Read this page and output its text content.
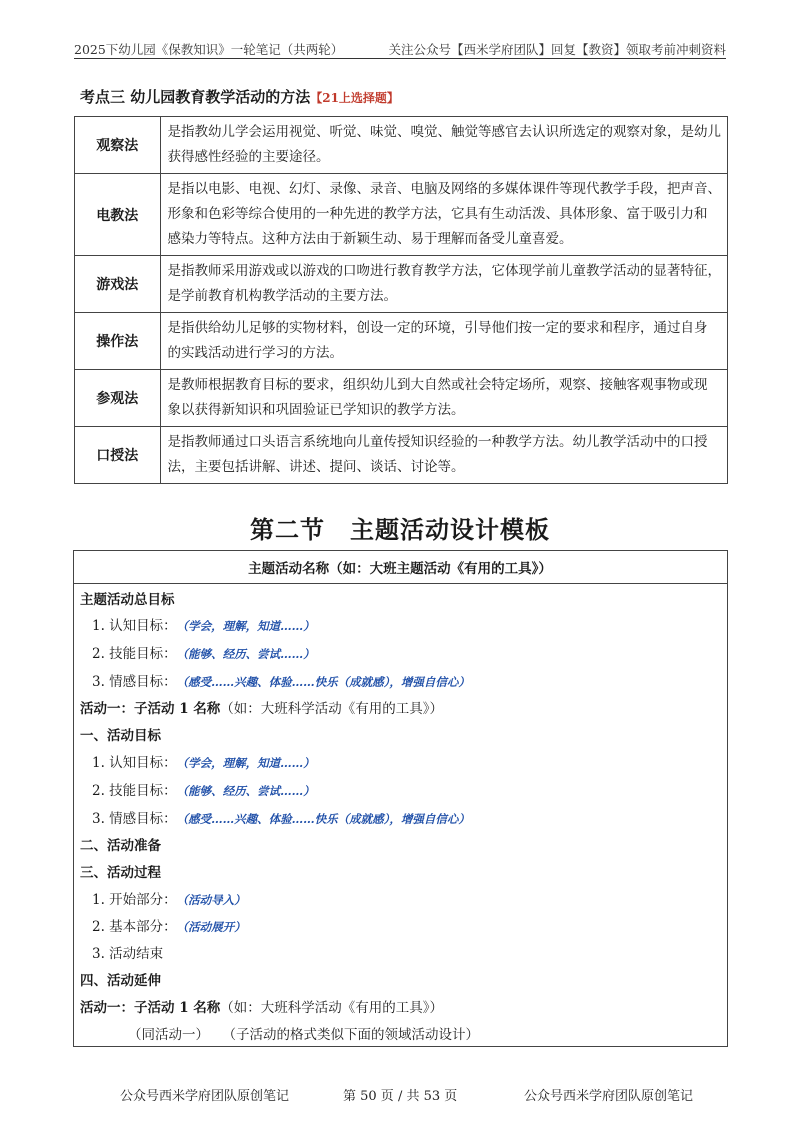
2025下幼儿园《保教知识》一轮笔记（共两轮）	关注公众号【西米学府团队】回复【教资】领取考前冲刺资料
考点三 幼儿园教育教学活动的方法【21上选择题】
观察法	是指教幼儿学会运用视觉、听觉、味觉、嗅觉、触觉等感官去认识所选定的观察对象，是幼儿
获得感性经验的主要途径。

电教法	是指以电影、电视、幻灯、录像、录音、电脑及网络的多媒体课件等现代教学手段，把声音、
形象和色彩等综合使用的一种先进的教学方法，它具有生动活泼、具体形象、富于吸引力和
感染力等特点。这种方法由于新颖生动、易于理解而备受儿童喜爱。

游戏法	是指教师采用游戏或以游戏的口吻进行教育教学方法，它体现学前儿童教学活动的显著特征，
是学前教育机构教学活动的主要方法。

操作法	是指供给幼儿足够的实物材料，创设一定的环境，引导他们按一定的要求和程序，通过自身
的实践活动进行学习的方法。

参观法	是教师根据教育目标的要求，组织幼儿到大自然或社会特定场所，观察、接触客观事物或现
象以获得新知识和巩固验证已学知识的教学方法。

口授法	是指教师通过口头语言系统地向儿童传授知识经验的一种教学方法。幼儿教学活动中的口授
法，主要包括讲解、讲述、提问、谈话、讨论等。
第二节　主题活动设计模板
主题活动名称（如：大班主题活动《有用的工具》）
主题活动总目标
1. 认知目标：（学会，理解，知道……）
2. 技能目标：（能够、经历、尝试……）
3. 情感目标：（感受……兴趣、体验……快乐（成就感），增强自信心）
活动一：子活动 1 名称（如：大班科学活动《有用的工具》）
一、活动目标
1. 认知目标：（学会，理解，知道……）
2. 技能目标：（能够、经历、尝试……）
3. 情感目标：（感受……兴趣、体验……快乐（成就感），增强自信心）
二、活动准备
三、活动过程
1. 开始部分：（活动导入）
2. 基本部分：（活动展开）
3. 活动结束
四、活动延伸
活动一：子活动 1 名称（如：大班科学活动《有用的工具》）
（同活动一）　　（子活动的格式类似下面的领域活动设计）
公众号西米学府团队原创笔记	第 50 页 / 共 53 页	公众号西米学府团队原创笔记
